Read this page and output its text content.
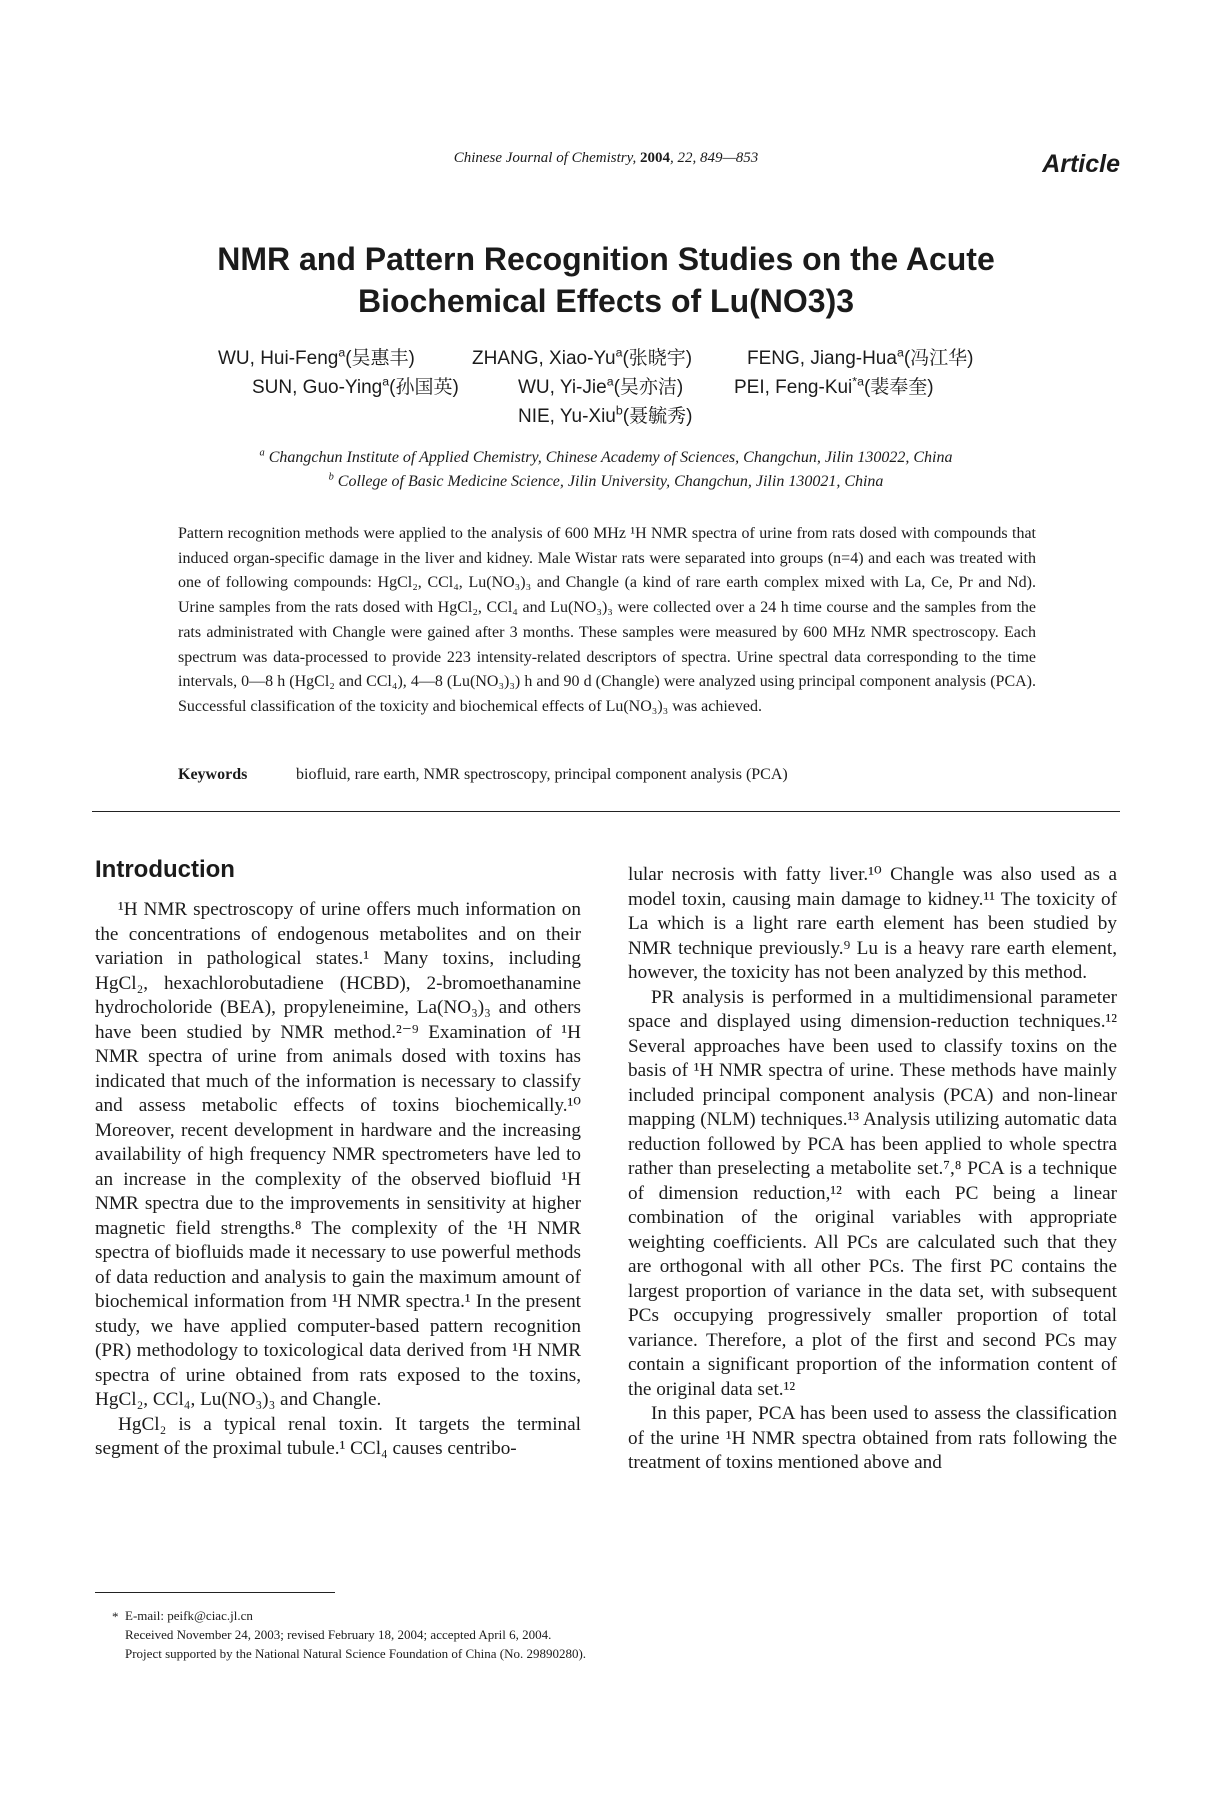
Chinese Journal of Chemistry, 2004, 22, 849—853	Article
NMR and Pattern Recognition Studies on the Acute
Biochemical Effects of Lu(NO3)3
WU, Hui-Feng$^a$(吴惠丰)	ZHANG, Xiao-Yu$^a$(张晓宇)	FENG, Jiang-Hua$^a$(冯江华)
SUN, Guo-Ying$^a$(孙国英)	WU, Yi-Jie$^a$(吴亦洁)	PEI, Feng-Kui$^{*a}$(裴奉奎)
NIE, Yu-Xiu$^b$(聂毓秀)
$^a$ Changchun Institute of Applied Chemistry, Chinese Academy of Sciences, Changchun, Jilin 130022, China
$^b$ College of Basic Medicine Science, Jilin University, Changchun, Jilin 130021, China
Pattern recognition methods were applied to the analysis of 600 MHz ¹H NMR spectra of urine from rats dosed with compounds that induced organ-specific damage in the liver and kidney. Male Wistar rats were separated into groups (n=4) and each was treated with one of following compounds: HgCl₂, CCl₄, Lu(NO₃)₃ and Changle (a kind of rare earth complex mixed with La, Ce, Pr and Nd). Urine samples from the rats dosed with HgCl₂, CCl₄ and Lu(NO₃)₃ were collected over a 24 h time course and the samples from the rats administrated with Changle were gained after 3 months. These samples were measured by 600 MHz NMR spectroscopy. Each spectrum was data-processed to provide 223 intensity-related descriptors of spectra. Urine spectral data corresponding to the time intervals, 0—8 h (HgCl₂ and CCl₄), 4—8 (Lu(NO₃)₃) h and 90 d (Changle) were analyzed using principal component analysis (PCA). Successful classification of the toxicity and biochemical effects of Lu(NO₃)₃ was achieved.
Keywords	biofluid, rare earth, NMR spectroscopy, principal component analysis (PCA)
Introduction

¹H NMR spectroscopy of urine offers much information on the concentrations of endogenous metabolites and on their variation in pathological states.¹ Many toxins, including HgCl₂, hexachlorobutadiene (HCBD), 2-bromoethanamine hydrocholoride (BEA), propyleneimine, La(NO₃)₃ and others have been studied by NMR method.²⁻⁹ Examination of ¹H NMR spectra of urine from animals dosed with toxins has indicated that much of the information is necessary to classify and assess metabolic effects of toxins biochemically.¹⁰ Moreover, recent development in hardware and the increasing availability of high frequency NMR spectrometers have led to an increase in the complexity of the observed biofluid ¹H NMR spectra due to the improvements in sensitivity at higher magnetic field strengths.⁸ The complexity of the ¹H NMR spectra of biofluids made it necessary to use powerful methods of data reduction and analysis to gain the maximum amount of biochemical information from ¹H NMR spectra.¹ In the present study, we have applied computer-based pattern recognition (PR) methodology to toxicological data derived from ¹H NMR spectra of urine obtained from rats exposed to the toxins, HgCl₂, CCl₄, Lu(NO₃)₃ and Changle.

HgCl₂ is a typical renal toxin. It targets the terminal segment of the proximal tubule.¹ CCl₄ causes centribo-

lular necrosis with fatty liver.¹⁰ Changle was also used as a model toxin, causing main damage to kidney.¹¹ The toxicity of La which is a light rare earth element has been studied by NMR technique previously.⁹ Lu is a heavy rare earth element, however, the toxicity has not been analyzed by this method.

PR analysis is performed in a multidimensional parameter space and displayed using dimension-reduction techniques.¹² Several approaches have been used to classify toxins on the basis of ¹H NMR spectra of urine. These methods have mainly included principal component analysis (PCA) and non-linear mapping (NLM) techniques.¹³ Analysis utilizing automatic data reduction followed by PCA has been applied to whole spectra rather than preselecting a metabolite set.⁷,⁸ PCA is a technique of dimension reduction,¹² with each PC being a linear combination of the original variables with appropriate weighting coefficients. All PCs are calculated such that they are orthogonal with all other PCs. The first PC contains the largest proportion of variance in the data set, with subsequent PCs occupying progressively smaller proportion of total variance. Therefore, a plot of the first and second PCs may contain a significant proportion of the information content of the original data set.¹²

In this paper, PCA has been used to assess the classification of the urine ¹H NMR spectra obtained from rats following the treatment of toxins mentioned above and

* E-mail: peifk@ciac.jl.cn
Received November 24, 2003; revised February 18, 2004; accepted April 6, 2004.
Project supported by the National Natural Science Foundation of China (No. 29890280).
